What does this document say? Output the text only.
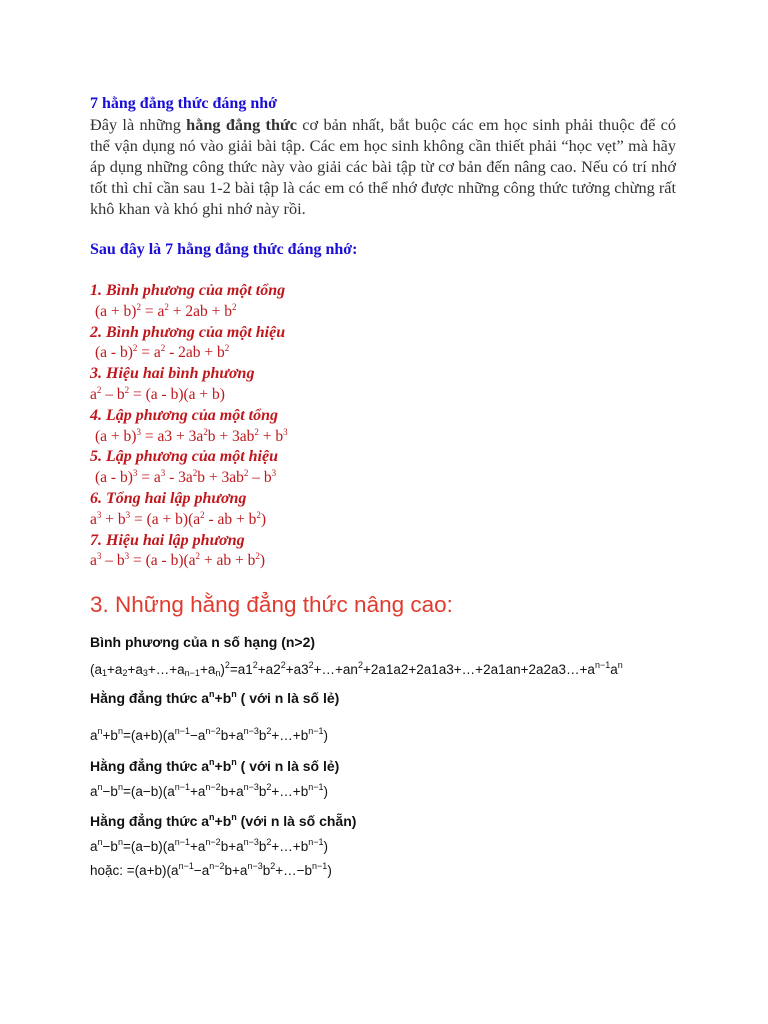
7 hằng đẳng thức đáng nhớ
Đây là những hằng đẳng thức cơ bản nhất, bắt buộc các em học sinh phải thuộc để có thể vận dụng nó vào giải bài tập. Các em học sinh không cần thiết phải “học vẹt” mà hãy áp dụng những công thức này vào giải các bài tập từ cơ bản đến nâng cao. Nếu có trí nhớ tốt thì chỉ cần sau 1-2 bài tập là các em có thể nhớ được những công thức tưởng chừng rất khô khan và khó ghi nhớ này rồi.
Sau đây là 7 hằng đẳng thức đáng nhớ:
1. Bình phương của một tổng
$(a + b)^2 = a^2 + 2ab + b^2$
2. Bình phương của một hiệu
$(a - b)^2 = a^2 - 2ab + b^2$
3. Hiệu hai bình phương
$a^2 - b^2 = (a - b)(a + b)$
4. Lập phương của một tổng
$(a + b)^3 = a3 + 3a^2b + 3ab^2 + b^3$
5. Lập phương của một hiệu
$(a - b)^3 = a^3 - 3a^2b + 3ab^2 - b^3$
6. Tổng hai lập phương
$a^3 + b^3 = (a + b)(a^2$ - ab + $b^2$)
7. Hiệu hai lập phương
$a^3 - b^3 = (a - b)(a^2$ + ab + $b^2$)
3. Những hằng đẳng thức nâng cao:
Bình phương của n số hạng (n>2)
$(a_1+a_2+a_3+\dots+a_{n-1}+a_n)^2=a1^2+a2^2+a3^2+\dots+an^2+2a1a2+2a1a3+\dots+2a1an+2a2a3\dots+a^{n-1}a^n$
Hằng đẳng thức $a^n+b^n$ ( với n là số lẻ)
$a^n+b^n=(a+b)(a^{n-1}-a^{n-2}b+a^{n-3}b^2+\dots+b^{n-1})$
Hằng đẳng thức $a^n+b^n$ ( với n là số lẻ)
$a^n-b^n=(a-b)(a^{n-1}+a^{n-2}b+a^{n-3}b^2+\dots+b^{n-1})$
Hằng đẳng thức $a^n+b^n$ (với n là số chẵn)
$a^n-b^n=(a-b)(a^{n-1}+a^{n-2}b+a^{n-3}b^2+\dots+b^{n-1})$
hoặc: $=(a+b)(a^{n-1}-a^{n-2}b+a^{n-3}b^2+\dots-b^{n-1})$
